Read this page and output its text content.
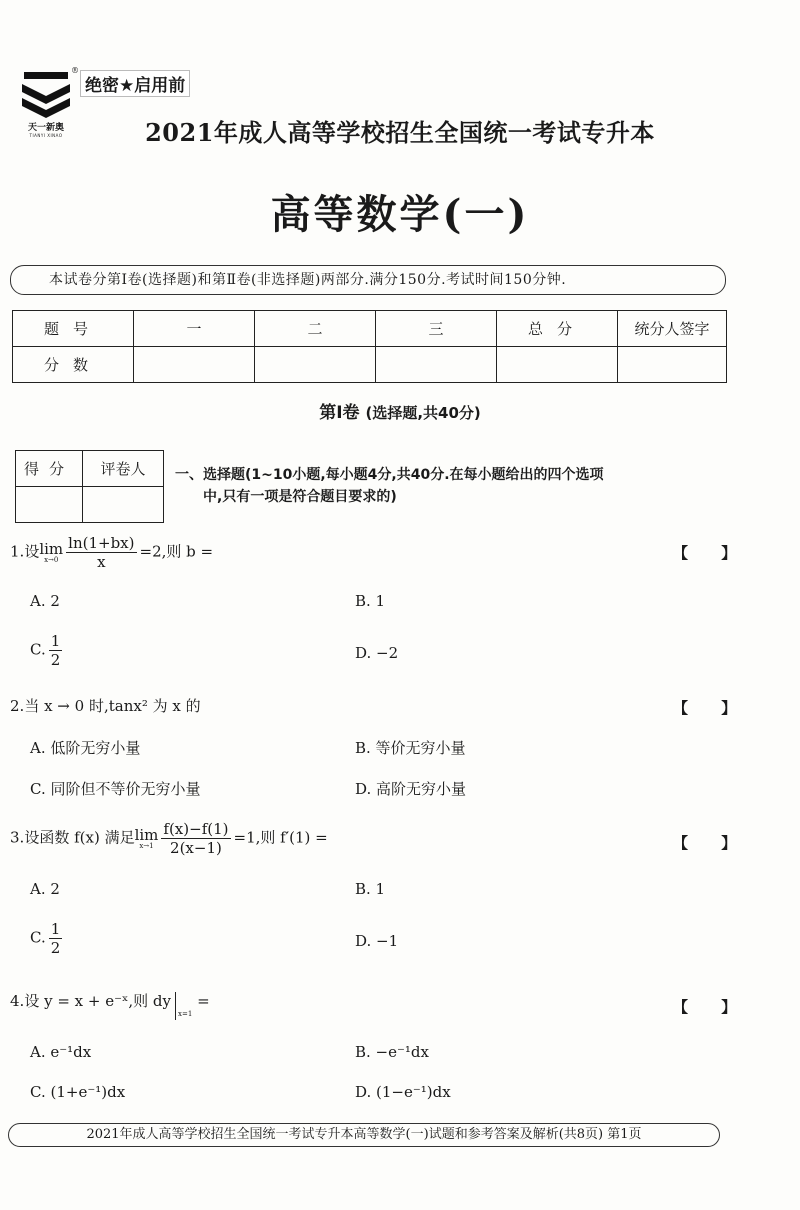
天一新奥
TIANYI XINAO
®
绝密★启用前
2021年成人高等学校招生全国统一考试专升本
高等数学(一)
本试卷分第Ⅰ卷(选择题)和第Ⅱ卷(非选择题)两部分.满分150分.考试时间150分钟.
题号	一	二	三	总分	统分人签字
分数					
第Ⅰ卷 (选择题,共40分)
得分	评卷人
	一、选择题(1~10小题,每小题4分,共40分.在每小题给出的四个选项
中,只有一项是符合题目要求的)
1.设lim
$x\to 0 \frac{\ln(1+bx)}{x} =2$,则 b =	【 】
A. 2	B. 1
C. $\frac{1}{2}$	D. −2
2.当 x → 0 时,tanx² 为 x 的	【 】
A. 低阶无穷小量	B. 等价无穷小量
C. 同阶但不等价无穷小量	D. 高阶无穷小量
3.设函数 f(x) 满足lim
$x\to 1 \frac{f(x)-f(1)}{2(x-1)} =1$,则 f′(1) =	【 】
A. 2	B. 1
C. $\frac{1}{2}$	D. −1
4.设 y = x + e⁻ˣ,则 $dy_{x=1}$ =	【 】
A. e⁻¹dx	B. −e⁻¹dx
C. (1+e⁻¹)dx	D. (1−e⁻¹)dx
2021年成人高等学校招生全国统一考试专升本高等数学(一)试题和参考答案及解析(共8页) 第1页
